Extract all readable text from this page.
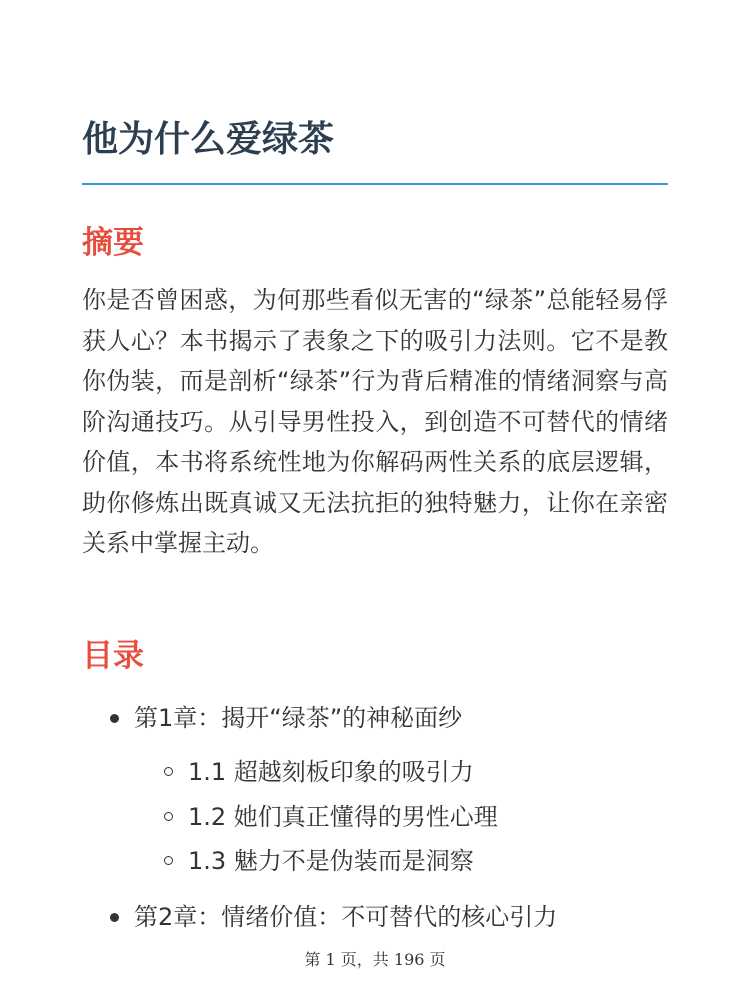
他为什么爱绿茶
摘要

你是否曾困惑，为何那些看似无害的“绿茶”总能轻易俘获人心？本书揭示了表象之下的吸引力法则。它不是教你伪装，而是剖析“绿茶”行为背后精准的情绪洞察与高阶沟通技巧。从引导男性投入，到创造不可替代的情绪价值，本书将系统性地为你解码两性关系的底层逻辑，助你修炼出既真诚又无法抗拒的独特魅力，让你在亲密关系中掌握主动。

目录
第1章：揭开“绿茶”的神秘面纱
1.1 超越刻板印象的吸引力
1.2 她们真正懂得的男性心理
1.3 魅力不是伪装而是洞察
第2章：情绪价值：不可替代的核心引力
第 1 页，共 196 页
